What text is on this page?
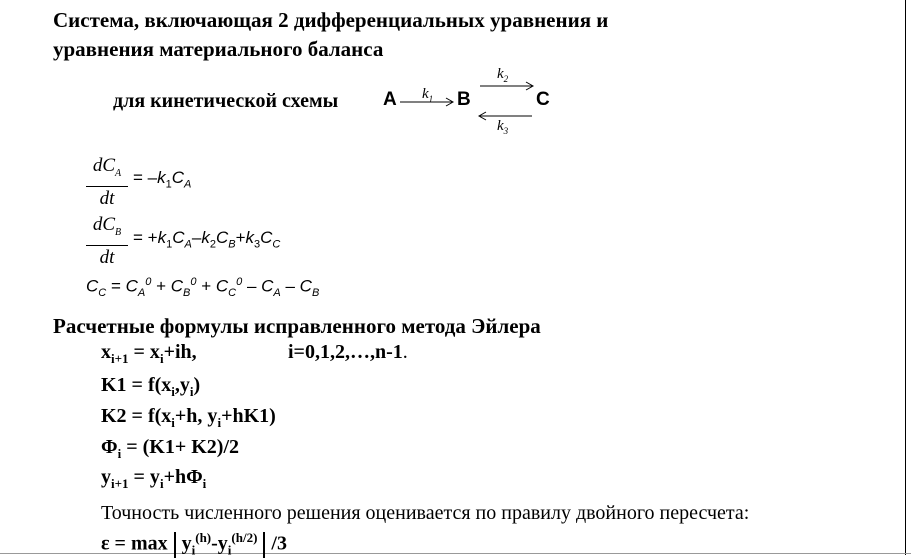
Система, включающая 2 дифференциальных уравнения и
уравнения материального баланса
для кинетической схемы A $k_1$ B
$k_2$
$k_3$
C
$dC_A$
dt
= $-k_1C_A$
$dC_B$
dt
= $+k_1C_A-k_2C_B+k_3C_C$
$C_C = C_A^0 + C_B^0 + C_C^0 - C_A - C_B$
Расчетные формулы исправленного метода Эйлера
$x_{i+1} = x_i+ih$,	i=0,1,2,…,n-1.
$K1 = f(x_i,y_i)$
$K2 = f(x_i+h$, $y_i+hK1$)
$\Phi_i = (K1+ K2)/2$
$y_{i+1} = y_i+h\Phi_i$
Точность численного решения оценивается по правилу двойного пересчета:
$\varepsilon = \max y_i^{(h)}-y_i^{(h/2)}$ /3
